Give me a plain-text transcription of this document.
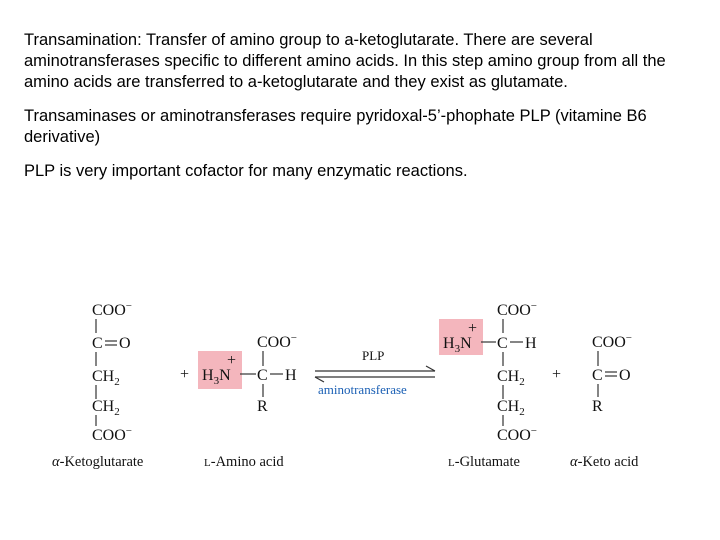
Transamination: Transfer of amino group to a-ketoglutarate. There are several aminotransferases specific to different amino acids. In this step amino group from all the amino acids are transferred to a-ketoglutarate and they exist as glutamate.

Transaminases or aminotransferases require pyridoxal-5’-phophate PLP (vitamine B6 derivative)

PLP is very important cofactor for many enzymatic reactions.

COO−
C O
$CH_2$
$CH_2$
COO−
+
COO−
+
$H_3N$ C H
R
PLP
aminotransferase
COO−
+
$H_3N$ C H
$CH_2$
$CH_2$
COO−
+
COO−
C O
R
α-Ketoglutarate	L-Amino acid	L-Glutamate	α-Keto acid
